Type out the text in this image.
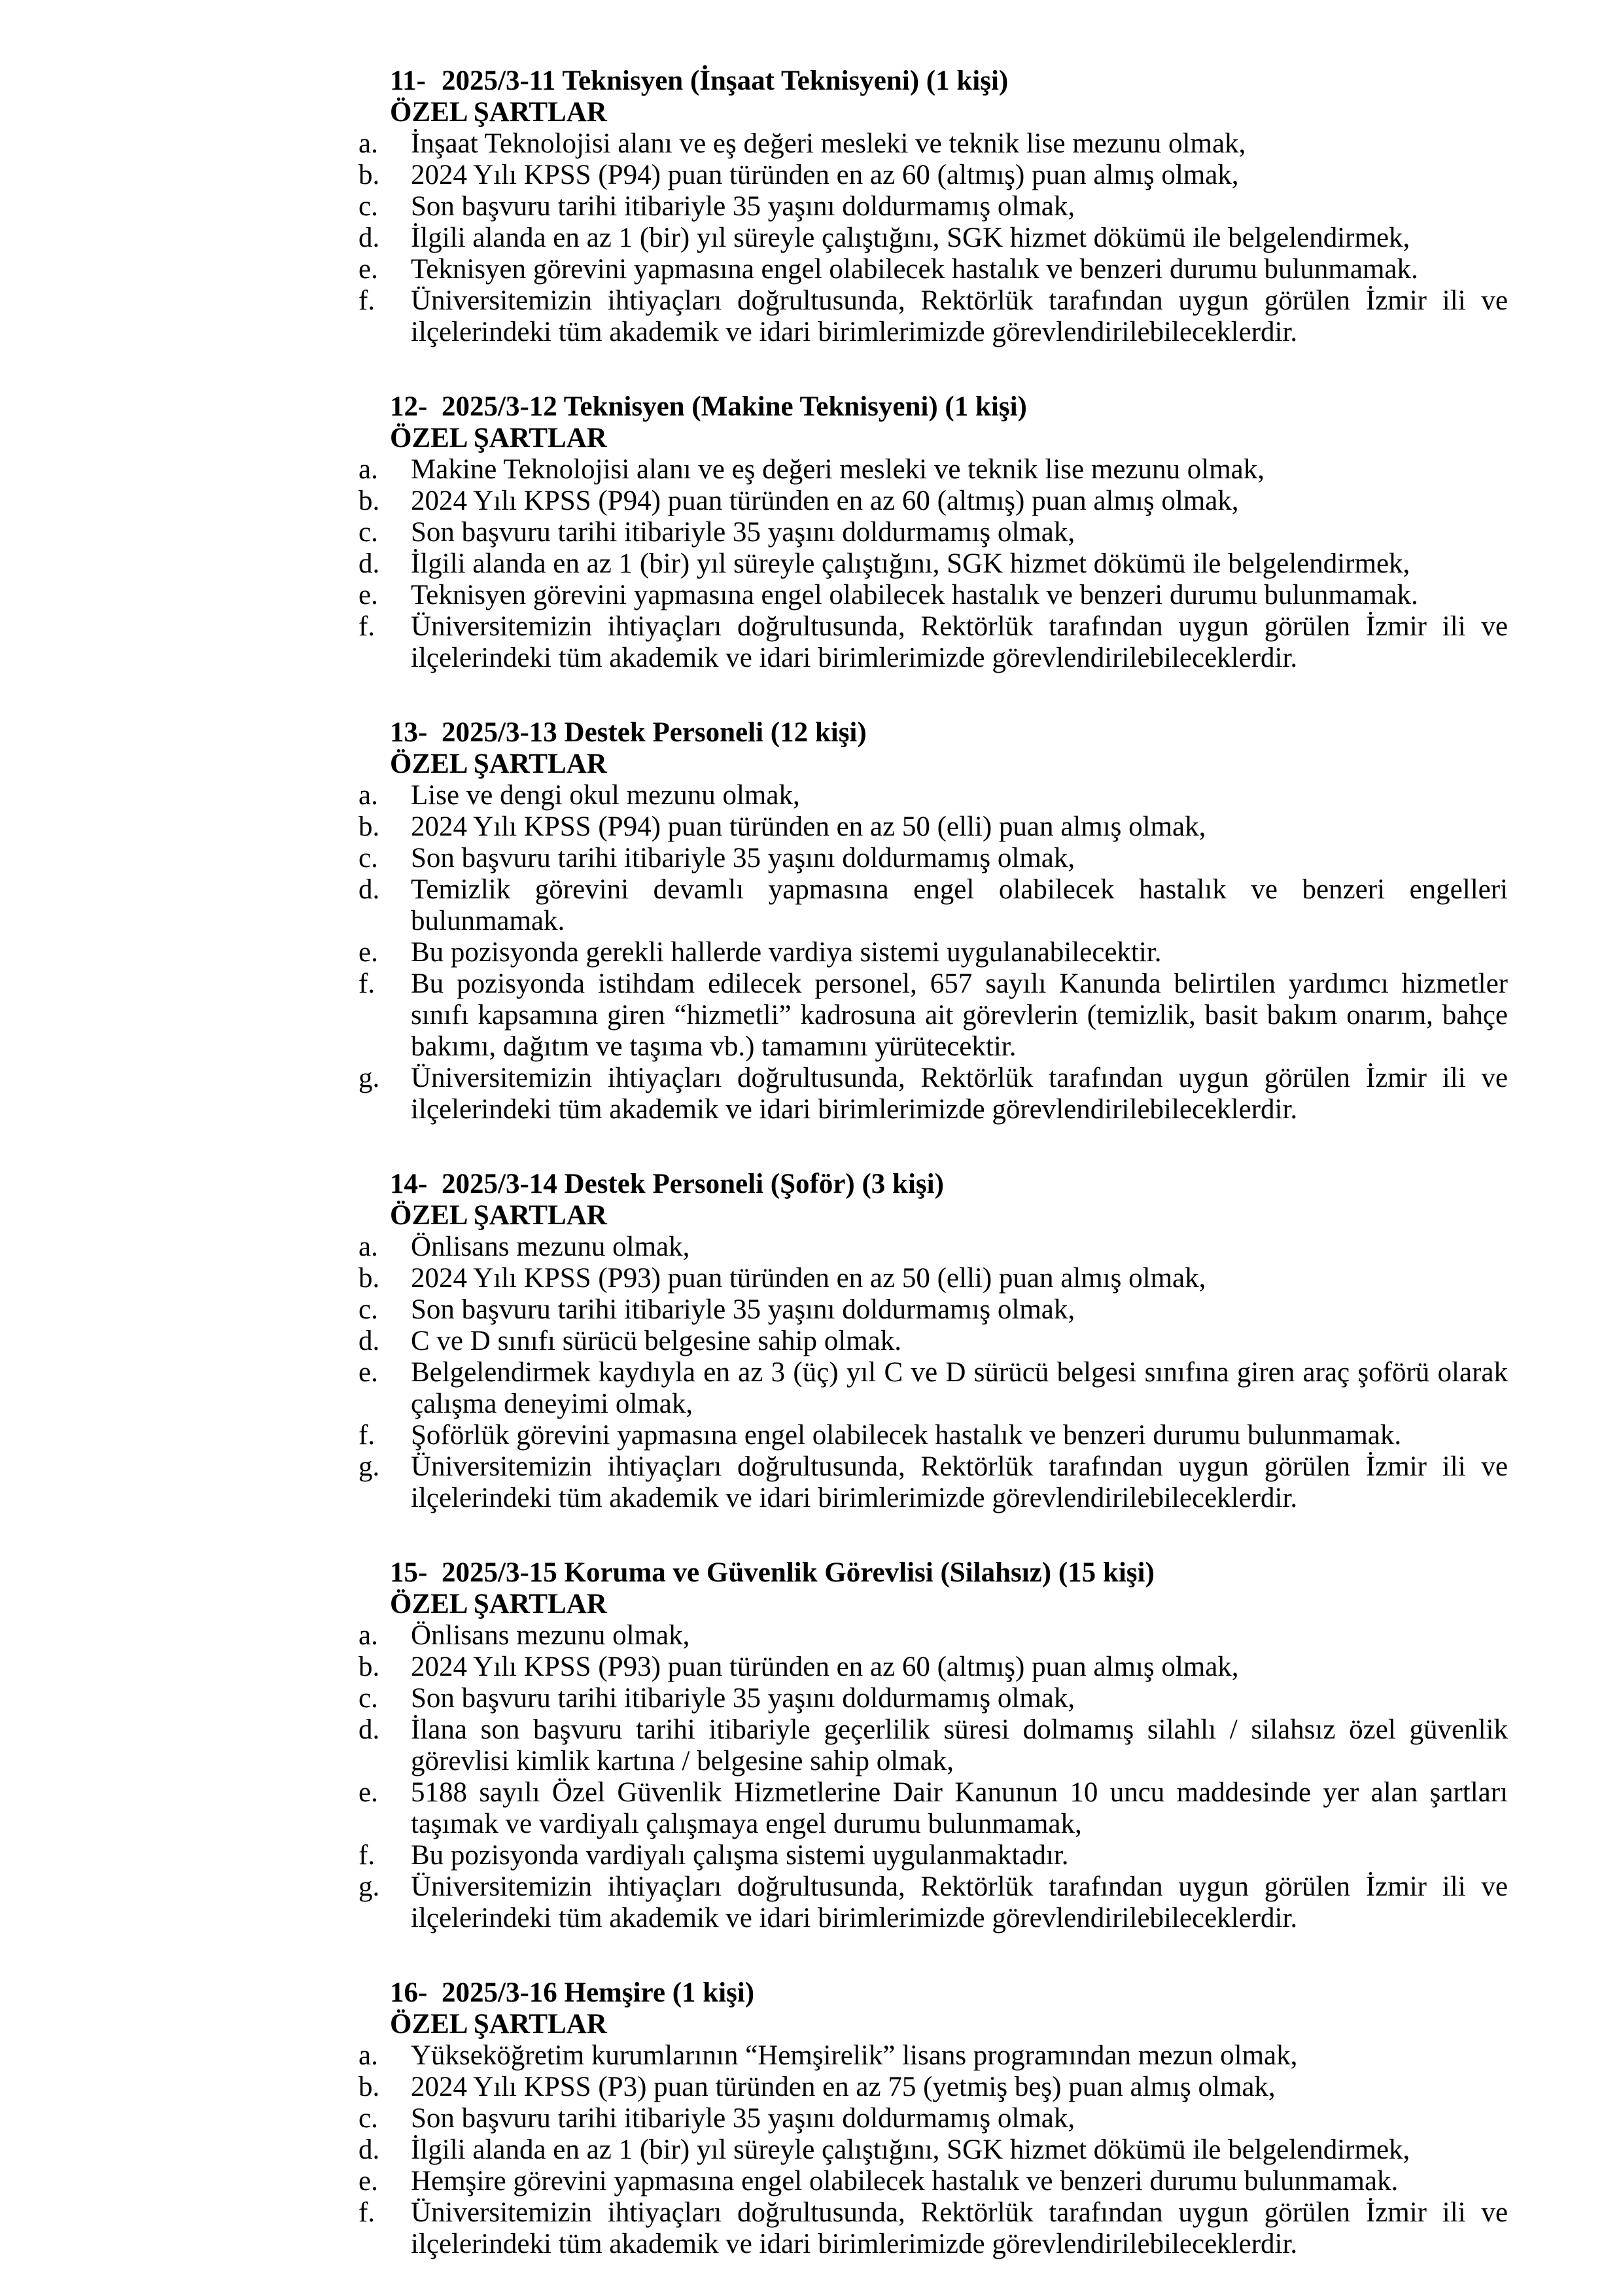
11- 2025/3-11 Teknisyen (İnşaat Teknisyeni) (1 kişi)
ÖZEL ŞARTLAR
a. İnşaat Teknolojisi alanı ve eş değeri mesleki ve teknik lise mezunu olmak,
b. 2024 Yılı KPSS (P94) puan türünden en az 60 (altmış) puan almış olmak,
c. Son başvuru tarihi itibariyle 35 yaşını doldurmamış olmak,
d. İlgili alanda en az 1 (bir) yıl süreyle çalıştığını, SGK hizmet dökümü ile belgelendirmek,
e. Teknisyen görevini yapmasına engel olabilecek hastalık ve benzeri durumu bulunmamak.
f. Üniversitemizin ihtiyaçları doğrultusunda, Rektörlük tarafından uygun görülen İzmir ili ve ilçelerindeki tüm akademik ve idari birimlerimizde görevlendirilebileceklerdir.
12- 2025/3-12 Teknisyen (Makine Teknisyeni) (1 kişi)
ÖZEL ŞARTLAR
a. Makine Teknolojisi alanı ve eş değeri mesleki ve teknik lise mezunu olmak,
b. 2024 Yılı KPSS (P94) puan türünden en az 60 (altmış) puan almış olmak,
c. Son başvuru tarihi itibariyle 35 yaşını doldurmamış olmak,
d. İlgili alanda en az 1 (bir) yıl süreyle çalıştığını, SGK hizmet dökümü ile belgelendirmek,
e. Teknisyen görevini yapmasına engel olabilecek hastalık ve benzeri durumu bulunmamak.
f. Üniversitemizin ihtiyaçları doğrultusunda, Rektörlük tarafından uygun görülen İzmir ili ve ilçelerindeki tüm akademik ve idari birimlerimizde görevlendirilebileceklerdir.
13- 2025/3-13 Destek Personeli (12 kişi)
ÖZEL ŞARTLAR
a. Lise ve dengi okul mezunu olmak,
b. 2024 Yılı KPSS (P94) puan türünden en az 50 (elli) puan almış olmak,
c. Son başvuru tarihi itibariyle 35 yaşını doldurmamış olmak,
d. Temizlik görevini devamlı yapmasına engel olabilecek hastalık ve benzeri engelleri bulunmamak.
e. Bu pozisyonda gerekli hallerde vardiya sistemi uygulanabilecektir.
f. Bu pozisyonda istihdam edilecek personel, 657 sayılı Kanunda belirtilen yardımcı hizmetler sınıfı kapsamına giren “hizmetli” kadrosuna ait görevlerin (temizlik, basit bakım onarım, bahçe bakımı, dağıtım ve taşıma vb.) tamamını yürütecektir.
g. Üniversitemizin ihtiyaçları doğrultusunda, Rektörlük tarafından uygun görülen İzmir ili ve ilçelerindeki tüm akademik ve idari birimlerimizde görevlendirilebileceklerdir.
14- 2025/3-14 Destek Personeli (Şoför) (3 kişi)
ÖZEL ŞARTLAR
a. Önlisans mezunu olmak,
b. 2024 Yılı KPSS (P93) puan türünden en az 50 (elli) puan almış olmak,
c. Son başvuru tarihi itibariyle 35 yaşını doldurmamış olmak,
d. C ve D sınıfı sürücü belgesine sahip olmak.
e. Belgelendirmek kaydıyla en az 3 (üç) yıl C ve D sürücü belgesi sınıfına giren araç şoförü olarak çalışma deneyimi olmak,
f. Şoförlük görevini yapmasına engel olabilecek hastalık ve benzeri durumu bulunmamak.
g. Üniversitemizin ihtiyaçları doğrultusunda, Rektörlük tarafından uygun görülen İzmir ili ve ilçelerindeki tüm akademik ve idari birimlerimizde görevlendirilebileceklerdir.
15- 2025/3-15 Koruma ve Güvenlik Görevlisi (Silahsız) (15 kişi)
ÖZEL ŞARTLAR
a. Önlisans mezunu olmak,
b. 2024 Yılı KPSS (P93) puan türünden en az 60 (altmış) puan almış olmak,
c. Son başvuru tarihi itibariyle 35 yaşını doldurmamış olmak,
d. İlana son başvuru tarihi itibariyle geçerlilik süresi dolmamış silahlı / silahsız özel güvenlik görevlisi kimlik kartına / belgesine sahip olmak,
e. 5188 sayılı Özel Güvenlik Hizmetlerine Dair Kanunun 10 uncu maddesinde yer alan şartları taşımak ve vardiyalı çalışmaya engel durumu bulunmamak,
f. Bu pozisyonda vardiyalı çalışma sistemi uygulanmaktadır.
g. Üniversitemizin ihtiyaçları doğrultusunda, Rektörlük tarafından uygun görülen İzmir ili ve ilçelerindeki tüm akademik ve idari birimlerimizde görevlendirilebileceklerdir.
16- 2025/3-16 Hemşire (1 kişi)
ÖZEL ŞARTLAR
a. Yükseköğretim kurumlarının “Hemşirelik” lisans programından mezun olmak,
b. 2024 Yılı KPSS (P3) puan türünden en az 75 (yetmiş beş) puan almış olmak,
c. Son başvuru tarihi itibariyle 35 yaşını doldurmamış olmak,
d. İlgili alanda en az 1 (bir) yıl süreyle çalıştığını, SGK hizmet dökümü ile belgelendirmek,
e. Hemşire görevini yapmasına engel olabilecek hastalık ve benzeri durumu bulunmamak.
f. Üniversitemizin ihtiyaçları doğrultusunda, Rektörlük tarafından uygun görülen İzmir ili ve ilçelerindeki tüm akademik ve idari birimlerimizde görevlendirilebileceklerdir.
